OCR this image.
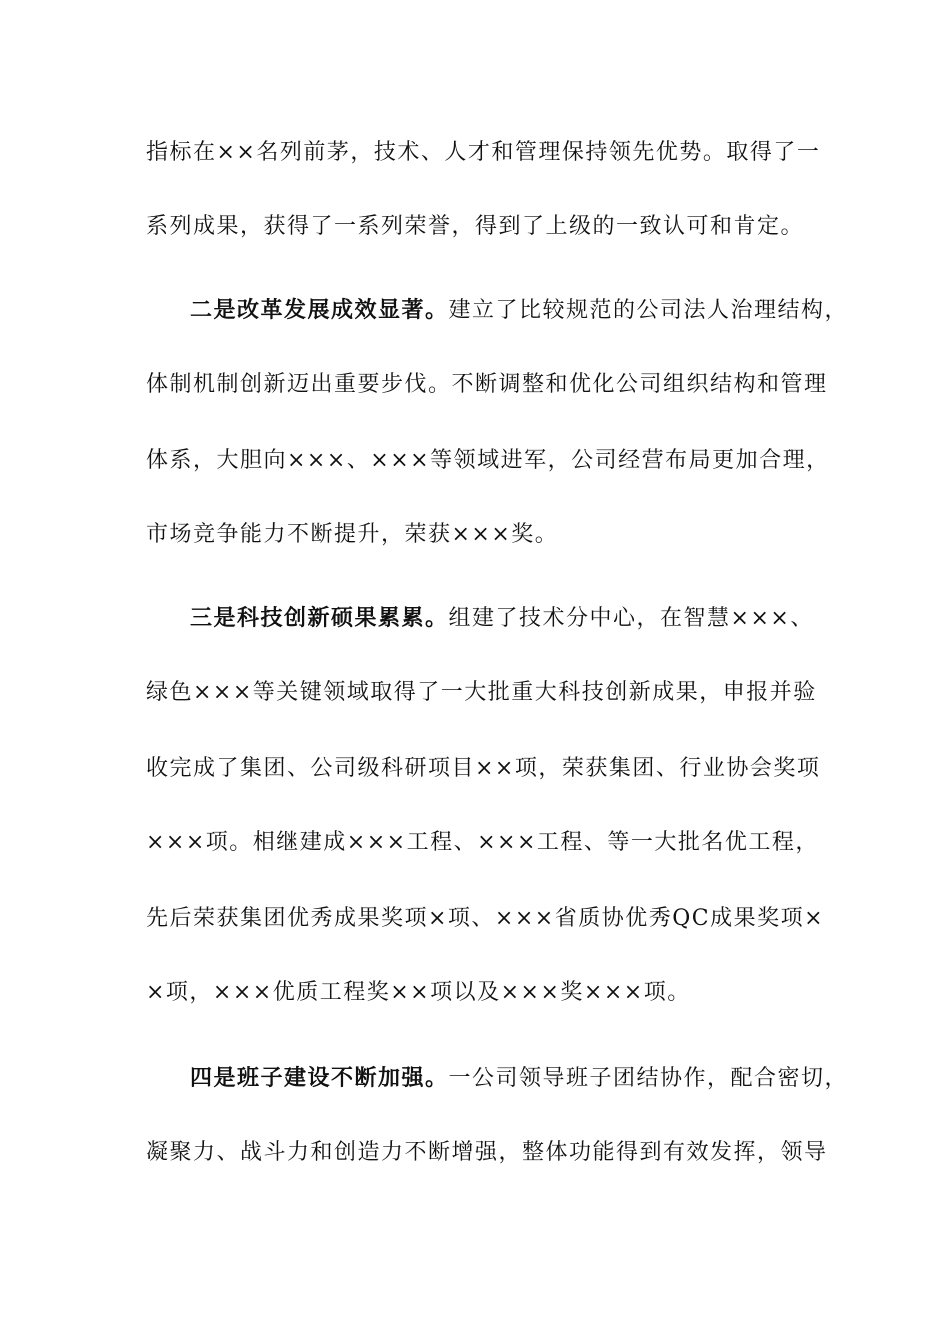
指标在××名列前茅，技术、人才和管理保持领先优势。取得了一
系列成果，获得了一系列荣誉，得到了上级的一致认可和肯定。
二是改革发展成效显著。建立了比较规范的公司法人治理结构，
体制机制创新迈出重要步伐。不断调整和优化公司组织结构和管理
体系，大胆向×××、×××等领域进军，公司经营布局更加合理，
市场竞争能力不断提升，荣获×××奖。
三是科技创新硕果累累。组建了技术分中心，在智慧×××、
绿色×××等关键领域取得了一大批重大科技创新成果，申报并验
收完成了集团、公司级科研项目××项，荣获集团、行业协会奖项
×××项。相继建成×××工程、×××工程、等一大批名优工程，
先后荣获集团优秀成果奖项×项、×××省质协优秀QC成果奖项×
×项，×××优质工程奖××项以及×××奖×××项。
四是班子建设不断加强。一公司领导班子团结协作，配合密切，
凝聚力、战斗力和创造力不断增强，整体功能得到有效发挥，领导
